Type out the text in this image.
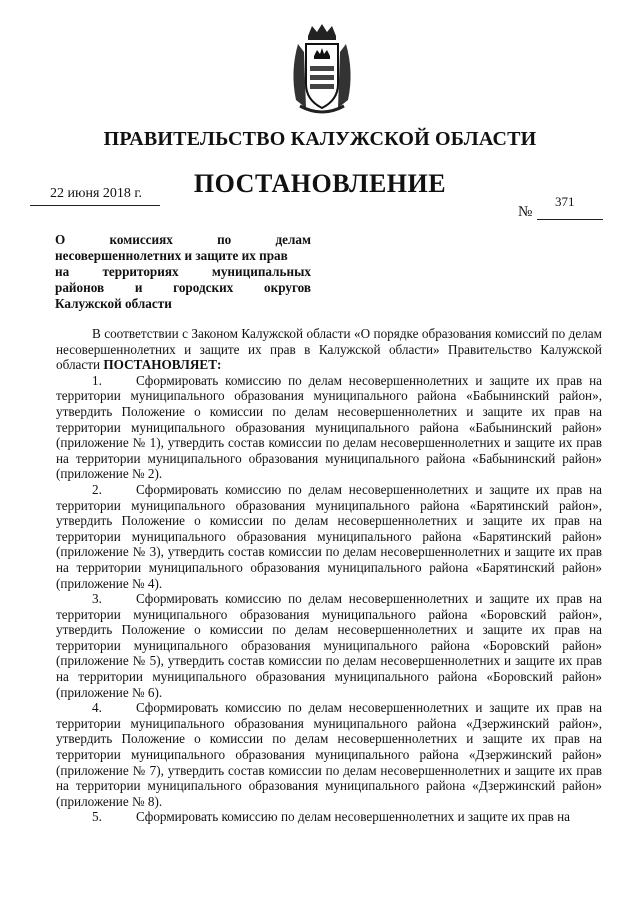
ПРАВИТЕЛЬСТВО КАЛУЖСКОЙ ОБЛАСТИ
ПОСТАНОВЛЕНИЕ
22 июня 2018 г.
№
371
О	комиссиях	по	делам
несовершеннолетних и защите их прав
на	территориях	муниципальных
районов и городских округов
Калужской области

В соответствии с Законом Калужской области «О порядке образования комиссий по делам несовершеннолетних и защите их прав в Калужской области» Правительство Калужской области ПОСТАНОВЛЯЕТ:

1.	Сформировать комиссию по делам несовершеннолетних и защите их прав на территории муниципального образования муниципального района «Бабынинский район», утвердить Положение о комиссии по делам несовершеннолетних и защите их прав на территории муниципального образования муниципального района «Бабынинский район» (приложение № 1), утвердить состав комиссии по делам несовершеннолетних и защите их прав на территории муниципального образования муниципального района «Бабынинский район» (приложение № 2).

2.	Сформировать комиссию по делам несовершеннолетних и защите их прав на территории муниципального образования муниципального района «Барятинский район», утвердить Положение о комиссии по делам несовершеннолетних и защите их прав на территории муниципального образования муниципального района «Барятинский район» (приложение № 3), утвердить состав комиссии по делам несовершеннолетних и защите их прав на территории муниципального образования муниципального района «Барятинский район» (приложение № 4).

3.	Сформировать комиссию по делам несовершеннолетних и защите их прав на территории муниципального образования муниципального района «Боровский район», утвердить Положение о комиссии по делам несовершеннолетних и защите их прав на территории муниципального образования муниципального района «Боровский район» (приложение № 5), утвердить состав комиссии по делам несовершеннолетних и защите их прав на территории муниципального образования муниципального района «Боровский район» (приложение № 6).

4.	Сформировать комиссию по делам несовершеннолетних и защите их прав на территории муниципального образования муниципального района «Дзержинский район», утвердить Положение о комиссии по делам несовершеннолетних и защите их прав на территории муниципального образования муниципального района «Дзержинский район» (приложение № 7), утвердить состав комиссии по делам несовершеннолетних и защите их прав на территории муниципального образования муниципального района «Дзержинский район» (приложение № 8).

5.	Сформировать комиссию по делам несовершеннолетних и защите их прав на
